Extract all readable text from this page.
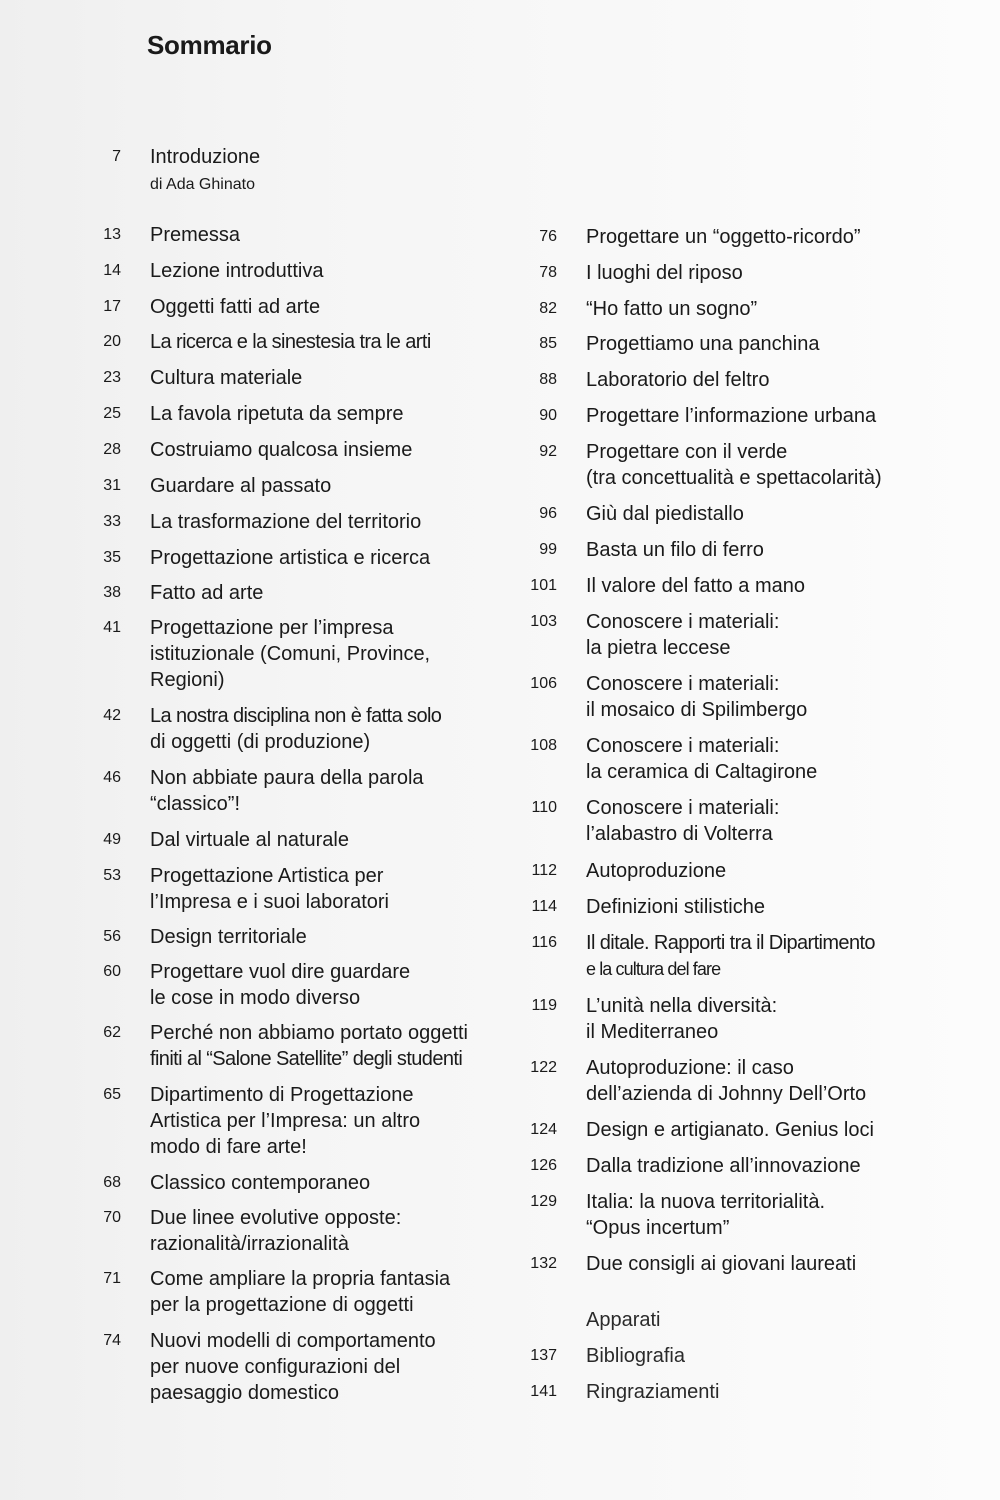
Sommario
7 Introduzione
di Ada Ghinato
13 Premessa
14 Lezione introduttiva
17 Oggetti fatti ad arte
20 La ricerca e la sinestesia tra le arti
23 Cultura materiale
25 La favola ripetuta da sempre
28 Costruiamo qualcosa insieme
31 Guardare al passato
33 La trasformazione del territorio
35 Progettazione artistica e ricerca
38 Fatto ad arte
41 Progettazione per l’impresa
istituzionale (Comuni, Province,
Regioni)
42 La nostra disciplina non è fatta solo
di oggetti (di produzione)
46 Non abbiate paura della parola
“classico”!
49 Dal virtuale al naturale
53 Progettazione Artistica per
l’Impresa e i suoi laboratori
56 Design territoriale
60 Progettare vuol dire guardare
le cose in modo diverso
62 Perché non abbiamo portato oggetti
finiti al “Salone Satellite” degli studenti
65 Dipartimento di Progettazione
Artistica per l’Impresa: un altro
modo di fare arte!
68 Classico contemporaneo
70 Due linee evolutive opposte:
razionalità/irrazionalità
71 Come ampliare la propria fantasia
per la progettazione di oggetti
74 Nuovi modelli di comportamento
per nuove configurazioni del
paesaggio domestico
76 Progettare un “oggetto-ricordo”
78 I luoghi del riposo
82 “Ho fatto un sogno”
85 Progettiamo una panchina
88 Laboratorio del feltro
90 Progettare l’informazione urbana
92 Progettare con il verde
(tra concettualità e spettacolarità)
96 Giù dal piedistallo
99 Basta un filo di ferro
101 Il valore del fatto a mano
103 Conoscere i materiali:
la pietra leccese
106 Conoscere i materiali:
il mosaico di Spilimbergo
108 Conoscere i materiali:
la ceramica di Caltagirone
110 Conoscere i materiali:
l’alabastro di Volterra
112 Autoproduzione
114 Definizioni stilistiche
116 Il ditale. Rapporti tra il Dipartimento
e la cultura del fare
119 L’unità nella diversità:
il Mediterraneo
122 Autoproduzione: il caso
dell’azienda di Johnny Dell’Orto
124 Design e artigianato. Genius loci
126 Dalla tradizione all’innovazione
129 Italia: la nuova territorialità.
“Opus incertum”
132 Due consigli ai giovani laureati
Apparati
137 Bibliografia
141 Ringraziamenti
